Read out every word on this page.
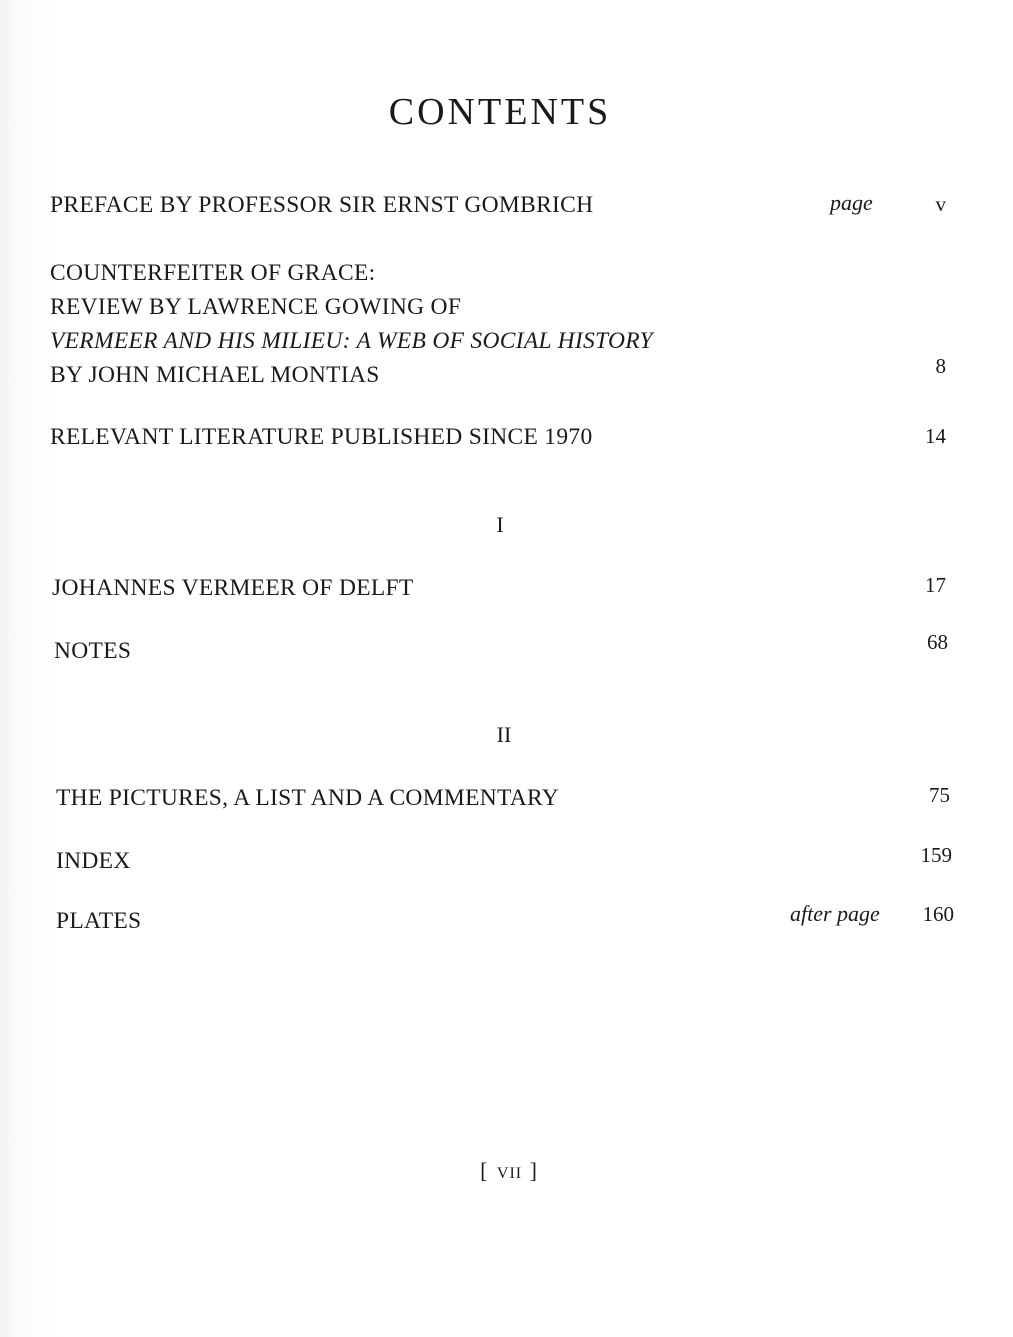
CONTENTS
PREFACE BY PROFESSOR SIR ERNST GOMBRICH	page	v
COUNTERFEITER OF GRACE:
REVIEW BY LAWRENCE GOWING OF
VERMEER AND HIS MILIEU: A WEB OF SOCIAL HISTORY
BY JOHN MICHAEL MONTIAS	8
RELEVANT LITERATURE PUBLISHED SINCE 1970	14
I
JOHANNES VERMEER OF DELFT	17
NOTES	68
II
THE PICTURES, A LIST AND A COMMENTARY	75
INDEX	159
PLATES	after page	160
[ VII ]
